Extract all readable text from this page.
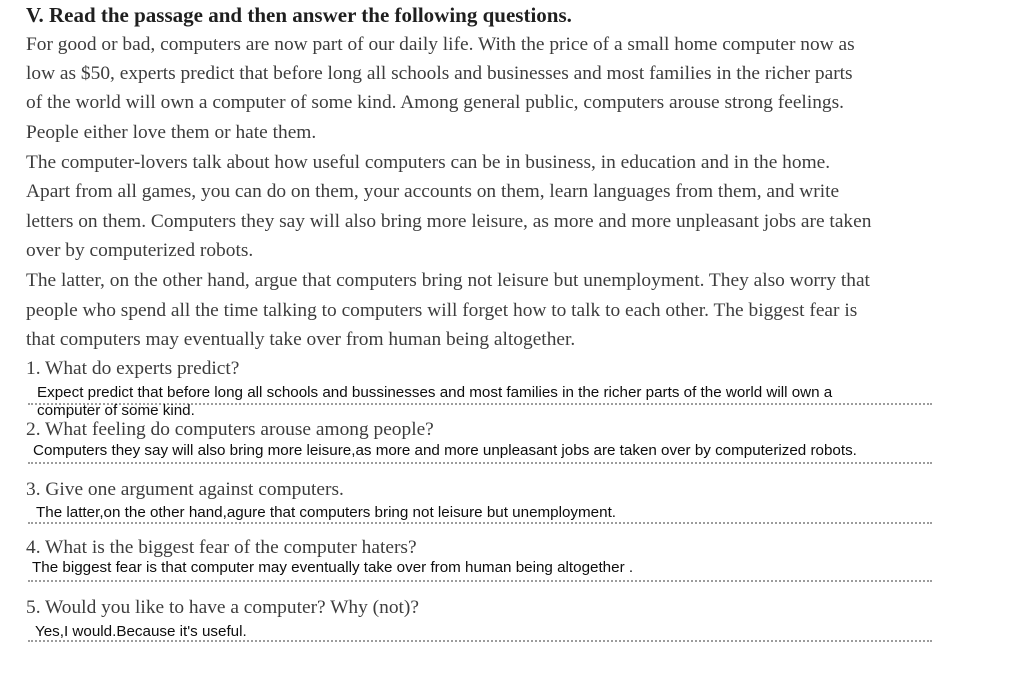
V. Read the passage and then answer the following questions.
For good or bad, computers are now part of our daily life. With the price of a small home computer now as
low as $50, experts predict that before long all schools and businesses and most families in the richer parts
of the world will own a computer of some kind. Among general public, computers arouse strong feelings.
People either love them or hate them.
The computer-lovers talk about how useful computers can be in business, in education and in the home.
Apart from all games, you can do on them, your accounts on them, learn languages from them, and write
letters on them. Computers they say will also bring more leisure, as more and more unpleasant jobs are taken
over by computerized robots.
The latter, on the other hand, argue that computers bring not leisure but unemployment. They also worry that
people who spend all the time talking to computers will forget how to talk to each other. The biggest fear is
that computers may eventually take over from human being altogether.
1. What do experts predict?
Expect predict that before long all schools and bussinesses and most families in the richer parts of the world will own a
computer of some kind.
2. What feeling do computers arouse among people?
Computers they say will also bring more leisure,as more and more unpleasant jobs are taken over by computerized robots.
3. Give one argument against computers.
The latter,on the other hand,agure that computers bring not leisure but unemployment.
4. What is the biggest fear of the computer haters?
The biggest fear is that computer may eventually take over from human being altogether .
5. Would you like to have a computer? Why (not)?
Yes,I would.Because it's useful.
